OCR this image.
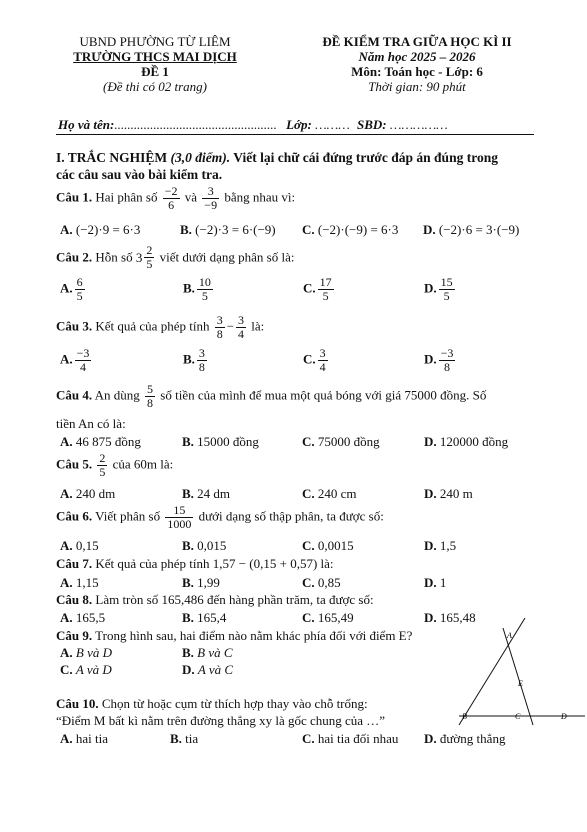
UBND PHƯỜNG TỪ LIÊM
TRƯỜNG THCS MAI DỊCH
ĐỀ 1
(Đề thi có 02 trang)
ĐỀ KIỂM TRA GIỮA HỌC KÌ II
Năm học 2025 – 2026
Môn: Toán học - Lớp: 6
Thời gian: 90 phút
Họ và tên:.................................................. Lớp: ……… SBD: ……………
I. TRẮC NGHIỆM (3,0 điểm). Viết lại chữ cái đứng trước đáp án đúng trong
các câu sau vào bài kiểm tra.
Câu 1. Hai phân số $\frac{-2}{6}$ và $\frac{3}{-9}$ bằng nhau vì:
A. (−2)·9 = 6·3	B. (−2)·3 = 6·(−9) C. (−2)·(−9) = 6·3 D. (−2)·6 = 3·(−9)
Câu 2. Hỗn số $3 \frac{2}{5}$ viết dưới dạng phân số là:
A. $\frac{6}{5}$	B. $\frac{10}{5}$	C. $\frac{17}{5}$	D. $\frac{15}{5}$
Câu 3. Kết quả của phép tính $\frac{3}{8} - \frac{3}{4}$ là:
A. $\frac{-3}{4}$	B. $\frac{3}{8}$	C. $\frac{3}{4}$	D. $\frac{-3}{8}$
Câu 4. An dùng $\frac{5}{8}$ số tiền của mình để mua một quả bóng với giá 75000 đồng. Số
tiền An có là:
A. 46 875 đồng	B. 15000 đồng	C. 75000 đồng	D. 120000 đồng
Câu 5. $\frac{2}{5}$ của 60m là:
A. 240 dm	B. 24 dm	C. 240 cm	D. 240 m
Câu 6. Viết phân số $\frac{15}{1000}$ dưới dạng số thập phân, ta được số:
A. 0,15	B. 0,015	C. 0,0015	D. 1,5
Câu 7. Kết quả của phép tính 1,57 − (0,15 + 0,57) là:
A. 1,15	B. 1,99	C. 0,85	D. 1
Câu 8. Làm tròn số 165,486 đến hàng phần trăm, ta được số:
A. 165,5	B. 165,4	C. 165,49	D. 165,48
Câu 9. Trong hình sau, hai điểm nào nằm khác phía đối với điểm E?
A. B và D	B. B và C
C. A và D	D. A và C
A
E
B	C	D
Câu 10. Chọn từ hoặc cụm từ thích hợp thay vào chỗ trống:
“Điểm M bất kì nằm trên đường thẳng xy là gốc chung của …”
A. hai tia	B. tia	C. hai tia đối nhau D. đường thẳng
